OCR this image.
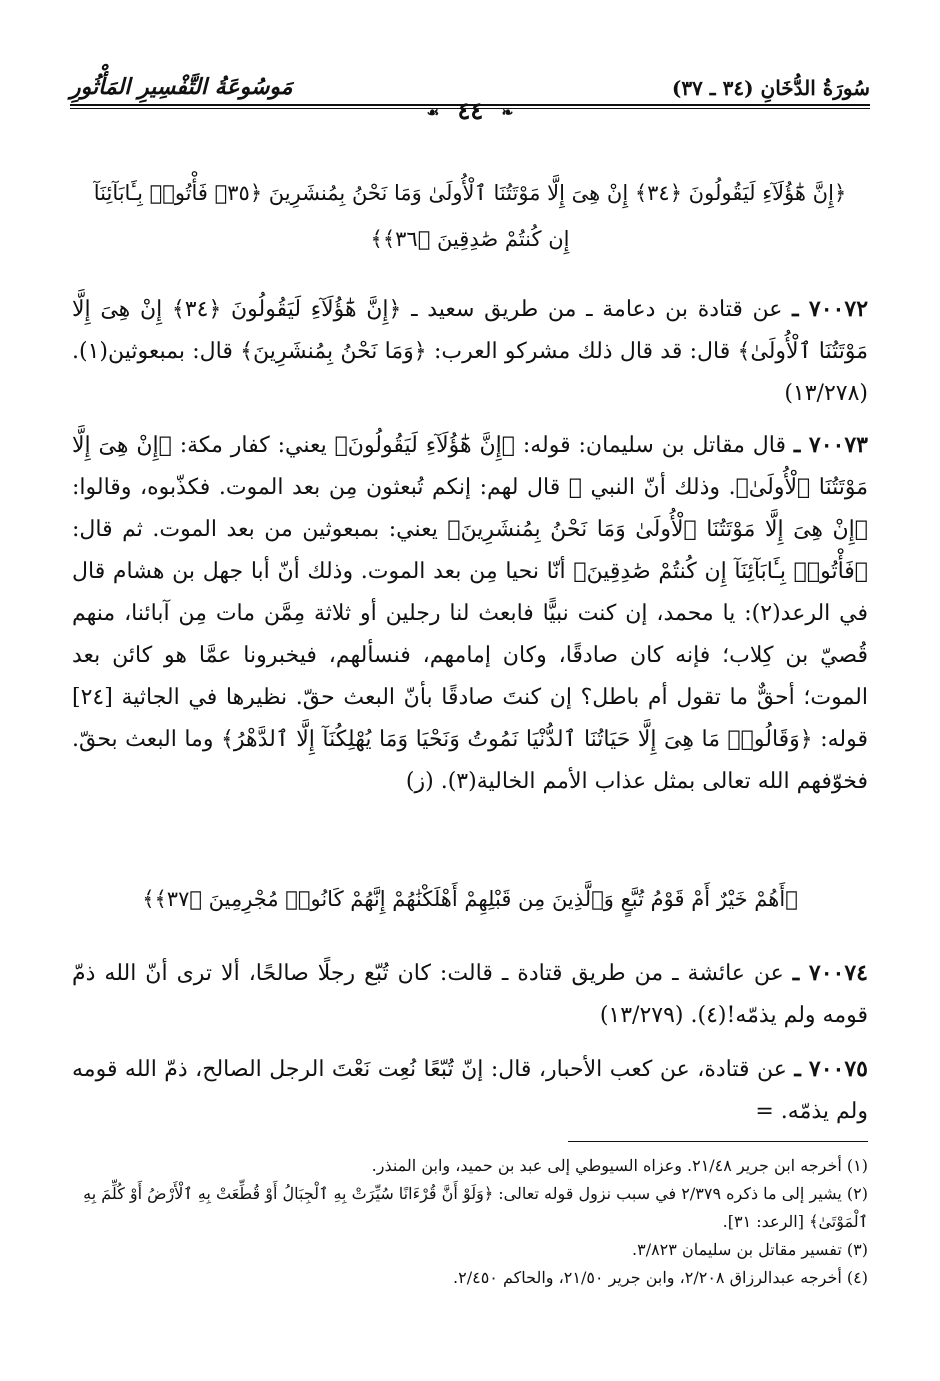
سُورَةُ الدُّخَانِ (٣٤ ـ ٣٧)
مَوسُوعَةُ التَّفْسِيرِ المَأْثُورِ
❧ ٤٤ ☙
﴿إِنَّ هَٰٓؤُلَآءِ لَيَقُولُونَ ﴿٣٤﴾ إِنْ هِىَ إِلَّا مَوْتَتُنَا ٱلْأُولَىٰ وَمَا نَحْنُ بِمُنشَرِينَ ﴿٣٥﴾ فَأْتُوا۟ بِـَٔابَآئِنَآ إِن كُنتُمْ صَٰدِقِينَ ﴿٣٦﴾﴾
٧٠٠٧٢ ـ عن قتادة بن دعامة ـ من طريق سعيد ـ ﴿إِنَّ هَٰٓؤُلَآءِ لَيَقُولُونَ ﴿٣٤﴾ إِنْ هِىَ إِلَّا مَوْتَتُنَا ٱلْأُولَىٰ﴾ قال: قد قال ذلك مشركو العرب: ﴿وَمَا نَحْنُ بِمُنشَرِينَ﴾ قال: بمبعوثين(١). (١٣/٢٧٨)
٧٠٠٧٣ ـ قال مقاتل بن سليمان: قوله: ﴿إِنَّ هَٰٓؤُلَآءِ لَيَقُولُونَ﴾ يعني: كفار مكة: ﴿إِنْ هِىَ إِلَّا مَوْتَتُنَا ٱلْأُولَىٰ﴾. وذلك أنّ النبي ﷺ قال لهم: إنكم تُبعثون مِن بعد الموت. فكذّبوه، وقالوا: ﴿إِنْ هِىَ إِلَّا مَوْتَتُنَا ٱلْأُولَىٰ وَمَا نَحْنُ بِمُنشَرِينَ﴾ يعني: بمبعوثين من بعد الموت. ثم قال: ﴿فَأْتُوا۟ بِـَٔابَآئِنَآ إِن كُنتُمْ صَٰدِقِينَ﴾ أنّا نحيا مِن بعد الموت. وذلك أنّ أبا جهل بن هشام قال في الرعد(٢): يا محمد، إن كنت نبيًّا فابعث لنا رجلين أو ثلاثة مِمَّن مات مِن آبائنا، منهم قُصيّ بن كِلاب؛ فإنه كان صادقًا، وكان إمامهم، فنسألهم، فيخبرونا عمَّا هو كائن بعد الموت؛ أحقٌّ ما تقول أم باطل؟ إن كنتَ صادقًا بأنّ البعث حقّ. نظيرها في الجاثية [٢٤] قوله: ﴿وَقَالُوا۟ مَا هِىَ إِلَّا حَيَاتُنَا ٱلدُّنْيَا نَمُوتُ وَنَحْيَا وَمَا يُهْلِكُنَآ إِلَّا ٱلدَّهْرُ﴾ وما البعث بحقّ. فخوّفهم الله تعالى بمثل عذاب الأمم الخالية(٣). (ز)
﴿أَهُمْ خَيْرٌ أَمْ قَوْمُ تُبَّعٍ وَٱلَّذِينَ مِن قَبْلِهِمْ أَهْلَكْنَٰهُمْ إِنَّهُمْ كَانُوا۟ مُجْرِمِينَ ﴿٣٧﴾﴾
٧٠٠٧٤ ـ عن عائشة ـ من طريق قتادة ـ قالت: كان تُبّع رجلًا صالحًا، ألا ترى أنّ الله ذمّ قومه ولم يذمّه!(٤). (١٣/٢٧٩)
٧٠٠٧٥ ـ عن قتادة، عن كعب الأحبار، قال: إنّ تُبّعًا نُعِت نَعْتَ الرجل الصالح، ذمّ الله قومه ولم يذمّه. =

(١) أخرجه ابن جرير ٢١/٤٨. وعزاه السيوطي إلى عبد بن حميد، وابن المنذر.

(٢) يشير إلى ما ذكره ٢/٣٧٩ في سبب نزول قوله تعالى: ﴿وَلَوْ أَنَّ قُرْءَانًا سُيِّرَتْ بِهِ ٱلْجِبَالُ أَوْ قُطِّعَتْ بِهِ ٱلْأَرْضُ أَوْ كُلِّمَ بِهِ ٱلْمَوْتَىٰ﴾ [الرعد: ٣١].

(٣) تفسير مقاتل بن سليمان ٣/٨٢٣.

(٤) أخرجه عبدالرزاق ٢/٢٠٨، وابن جرير ٢١/٥٠، والحاكم ٢/٤٥٠.
